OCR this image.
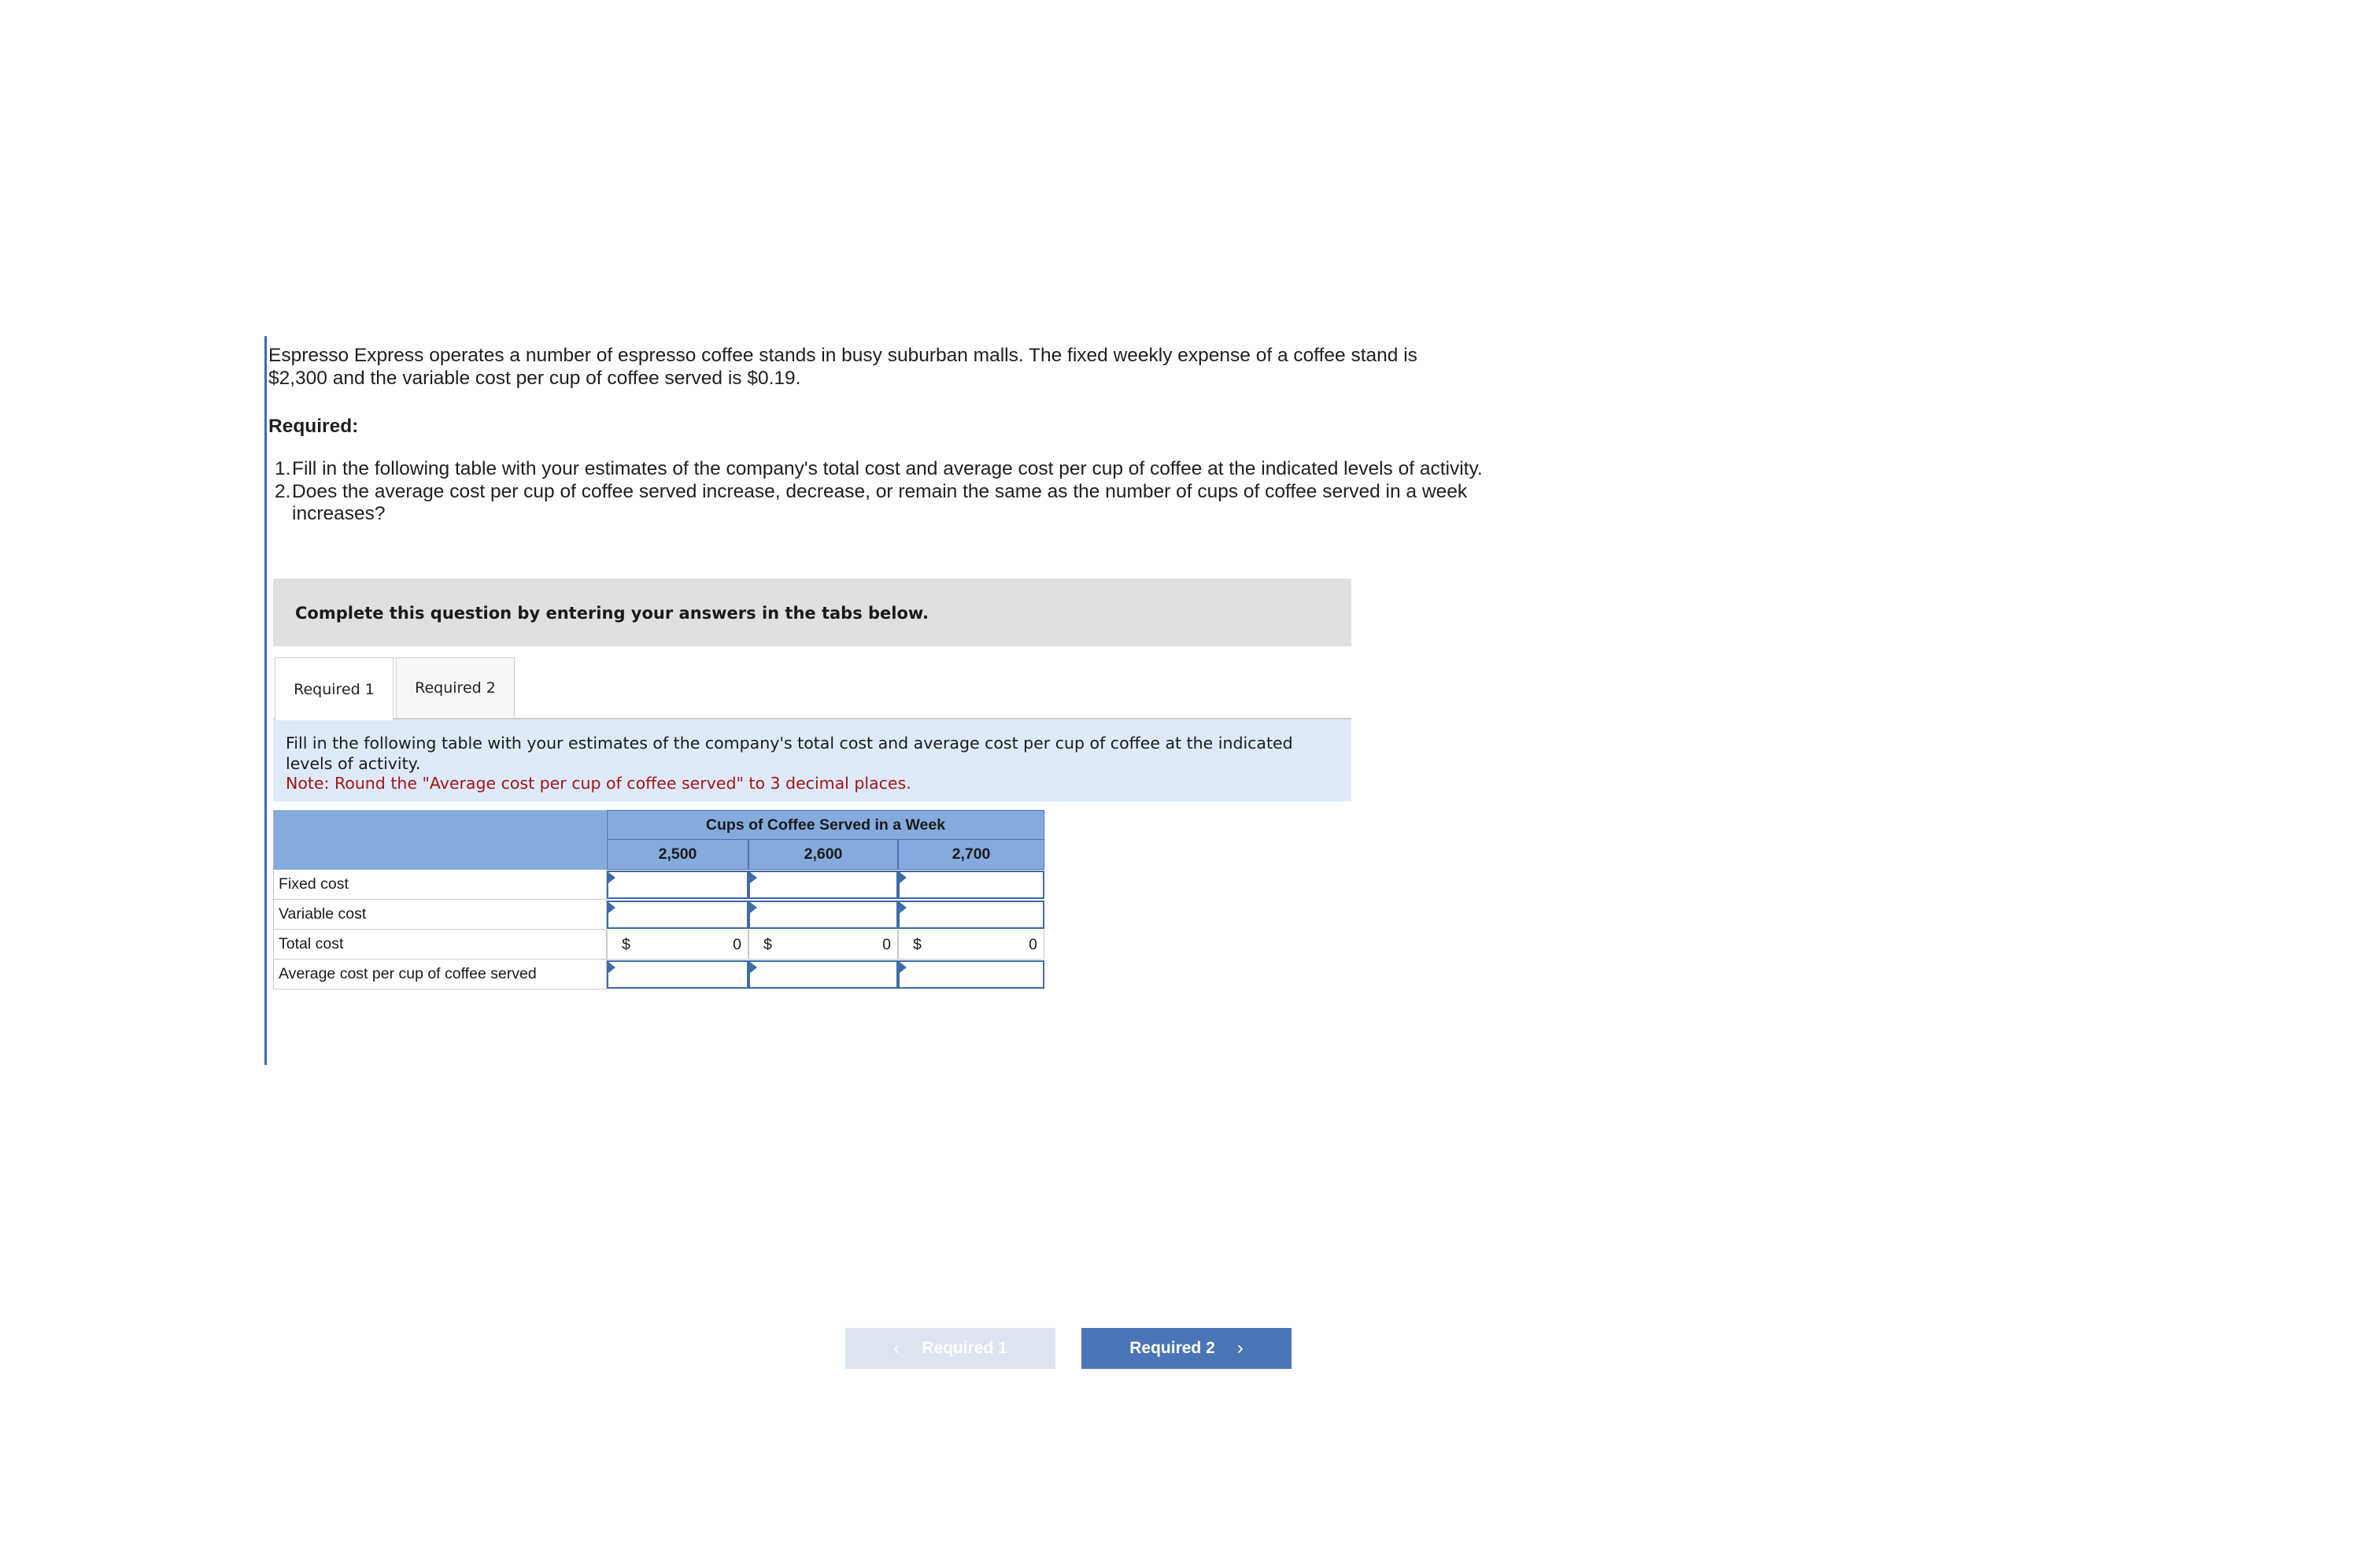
Espresso Express operates a number of espresso coffee stands in busy suburban malls. The fixed weekly expense of a coffee stand is $2,300 and the variable cost per cup of coffee served is $0.19.
Required:
1. Fill in the following table with your estimates of the company's total cost and average cost per cup of coffee at the indicated levels of activity.
2. Does the average cost per cup of coffee served increase, decrease, or remain the same as the number of cups of coffee served in a week increases?
Complete this question by entering your answers in the tabs below.
Required 1	Required 2
Fill in the following table with your estimates of the company's total cost and average cost per cup of coffee at the indicated levels of activity.
Note: Round the "Average cost per cup of coffee served" to 3 decimal places.
Cups of Coffee Served in a Week
2,500	2,600	2,700
Fixed cost
Variable cost
Total cost	$	0 $	0 $	0
Average cost per cup of coffee served
‹ Required 1	Required 2 ›
